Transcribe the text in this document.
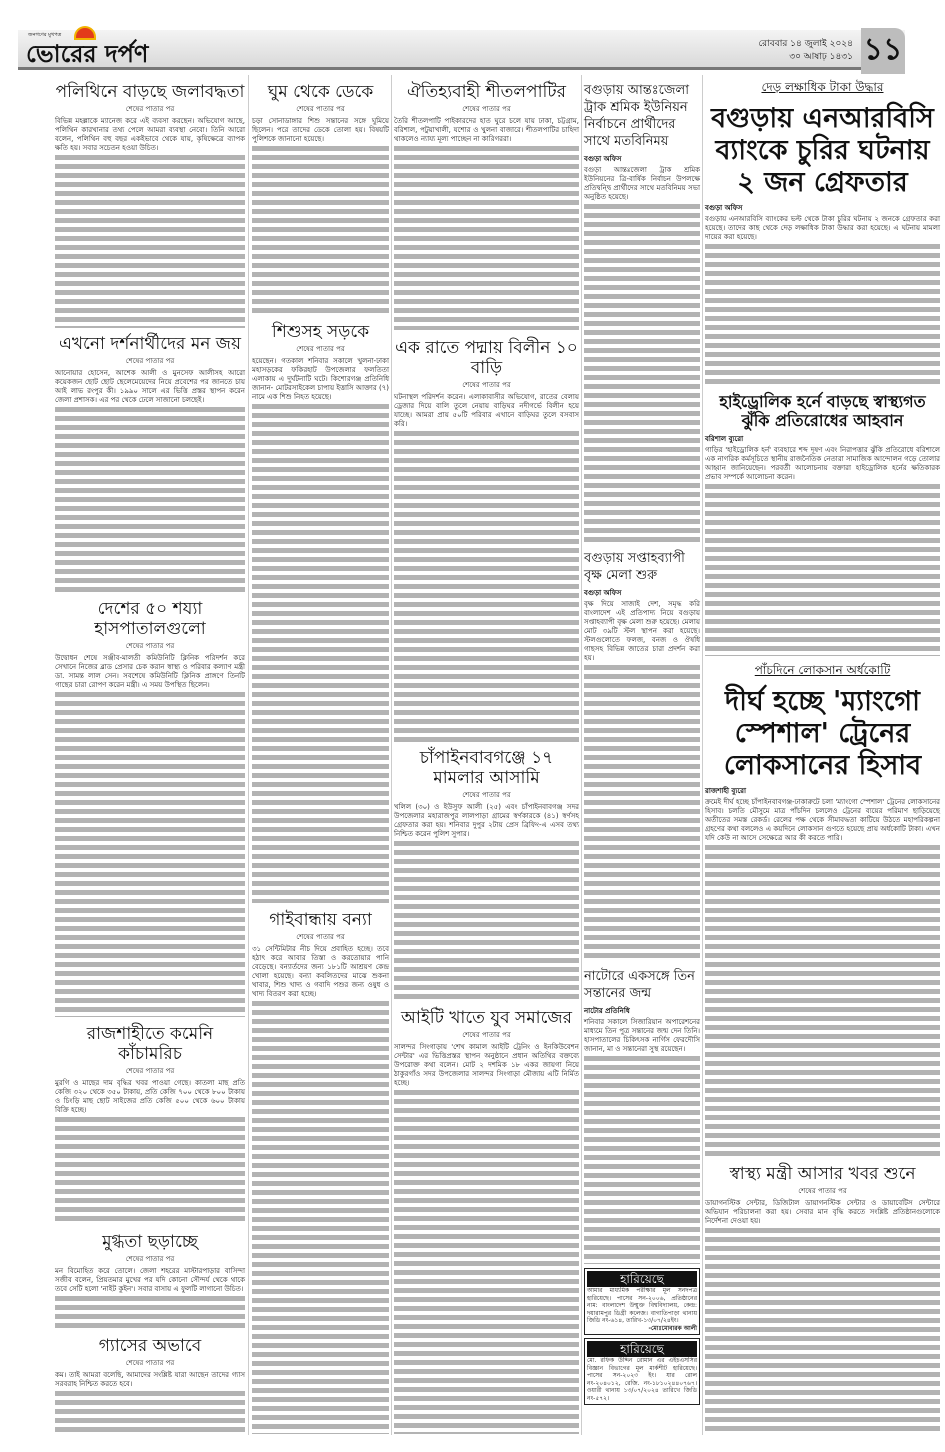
জনগণের মুখপত্র
ভোরের দর্পণ	রোববার ১৪ জুলাই ২০২৪
৩০ আষাঢ় ১৪৩১ ১১
পলিথিনে বাড়ছে জলাবদ্ধতা
শেষের পাতার পর
বিভিন্ন মহল্লাকে ম্যানেজ করে এই ব্যবসা করছেন। অভিযোগ আছে, পলিথিন কারখানার তথ্য পেলে আমরা ব্যবস্থা নেবো। তিনি আরো বলেন, পলিথিন বহু বছর একইভাবে থেকে যায়, কৃষিক্ষেত্রে ব্যাপক ক্ষতি হয়। সবার সচেতন হওয়া উচিত।
এখনো দর্শনার্থীদের মন জয়
শেষের পাতার পর
আনোয়ার হোসেন, আশেক আলী ও মুনসেফ আলীসহ আরো কয়েকজন ছোট ছোট ছেলেমেয়েদের নিয়ে প্রবেশের পর জানতে চায় আই লাভ রংপুর কী। ১৯৯০ সালে এর ভিত্তি প্রস্তর স্থাপন করেন জেলা প্রশাসক। এর পর থেকে ঢেলে সাজানো চলছেই।
দেশের ৫০ শয্যা হাসপাতালগুলো
শেষের পাতার পর
উদ্বোধন শেষে সঞ্জীব-মালতী কমিউনিটি ক্লিনিক পরিদর্শন করে সেখানে নিজের ব্লাড প্রেসার চেক করান স্বাস্থ্য ও পরিবার কল্যাণ মন্ত্রী ডা. সামন্ত লাল সেন। সবশেষে কমিউনিটি ক্লিনিক প্রাঙ্গণে তিনটি গাছের চারা রোপণ করেন মন্ত্রী। এ সময় উপস্থিত ছিলেন।
রাজশাহীতে কমেনি কাঁচামরিচ
শেষের পাতার পর
মুরগি ও মাছের দাম বৃদ্ধির খবর পাওয়া গেছে। কাতলা মাছ প্রতি কেজি ৩২০ থেকে ৩৫০ টাকায়, প্রতি কেজি ৭০০ থেকে ৮০০ টাকায় ও চিংড়ি মাছ ছোট সাইজের প্রতি কেজি ৫০০ থেকে ৬০০ টাকায় বিক্রি হচ্ছে।
মুগ্ধতা ছড়াচ্ছে
শেষের পাতার পর
মন বিমোহিত করে তোলে। জেলা শহরের মাস্টারপাড়ার বাসিন্দা সজীব বলেন, প্রিয়তমার মুখের পর যদি কোনো সৌন্দর্য থেকে থাকে তবে সেটি হলো 'নাইট কুইন'। সবার বাসায় এ ফুলটি লাগানো উচিত।
গ্যাসের অভাবে
শেষের পাতার পর
কম। তাই আমরা বলেছি, আমাদের সংশ্লিষ্ট যারা আছেন তাদের গ্যাস সরবরাহ নিশ্চিত করতে হবে।
ঘুম থেকে ডেকে
শেষের পাতার পর
চড়া সোনাডাঙ্গার শিশু সন্তানের সঙ্গে ঘুমিয়ে ছিলেন। পরে তাদের ডেকে তোলা হয়। বিষয়টি পুলিশকে জানানো হয়েছে।
শিশুসহ সড়কে
শেষের পাতার পর
হয়েছেন। গতকাল শনিবার সকালে খুলনা-ঢাকা মহাসড়কের ফকিরহাট উপজেলার ফলতিতা এলাকায় এ দুর্ঘটনাটি ঘটে। কিশোরগঞ্জ প্রতিনিধি জানান- মোটরসাইকেল চাপায় ইত্তাসি আক্তার (৭) নামে এক শিশু নিহত হয়েছে।
গাইবান্ধায় বন্যা
শেষের পাতার পর
৩১ সেন্টিমিটার নীচ দিয়ে প্রবাহিত হচ্ছে। তবে হঠাৎ করে আবার তিস্তা ও করতোয়ার পানি বেড়েছে। বন্যার্তদের জন্য ১৮১টি আশ্রয়ণ কেন্দ্র খোলা হয়েছে। বন্যা কবলিতদের মাঝে শুকনা খাবার, শিশু খাদ্য ও গবাদি পশুর জন্য ওষুধ ও খাদ্য বিতরণ করা হচ্ছে।
ঐতিহ্যবাহী শীতলপাটির
শেষের পাতার পর
তৈরি শীতলপাটি পাইকারদের হাত ঘুরে চলে যায় ঢাকা, চট্টগ্রাম, বরিশাল, পটুয়াখালী, যশোর ও খুলনা বাজারে। শীতলপাটির চাহিদা থাকলেও ন্যায্য মূল্য পাচ্ছেন না কারিগররা।
এক রাতে পদ্মায় বিলীন ১০ বাড়ি
শেষের পাতার পর
ঘটনাস্থল পরিদর্শন করেন। এলাকাবাসীর অভিযোগ, রাতের বেলায় ড্রেজার দিয়ে বালি তুলে নেয়ায় বাড়িঘর নদীগর্ভে বিলীন হয়ে যাচ্ছে। আমরা প্রায় ৫০টি পরিবার এখানে বাড়িঘর তুলে বসবাস করি।
চাঁপাইনবাবগঞ্জে ১৭ মামলার আসামি
শেষের পাতার পর
খলিল (৩০) ও ইউসুফ আলী (২৫) এবং চাঁপাইনবাবগঞ্জ সদর উপজেলার মহারাজপুর লালপাড়া গ্রামের স্বর্ণকারকে (৪১) স্বর্ণসহ গ্রেফতার করা হয়। শনিবার দুপুর ২টায় প্রেস ব্রিফিং-এ এসব তথ্য নিশ্চিত করেন পুলিশ সুপার।
আইটি খাতে যুব সমাজের
শেষের পাতার পর
সালন্দর সিংগাড়ায় 'শেখ কামাল আইটি ট্রেনিং ও ইনকিউবেশন সেন্টার' এর ভিত্তিপ্রস্তর স্থাপন অনুষ্ঠানে প্রধান অতিথির বক্তব্যে উপরোক্ত কথা বলেন। মোট ২ দশমিক ১৮ একর জায়গা নিয়ে ঠাকুরগাঁও সদর উপজেলার সালন্দর সিংগাড়া মৌজায় এটি নির্মিত হচ্ছে।
বগুড়ায় আন্তঃজেলা ট্রাক শ্রমিক ইউনিয়ন নির্বাচনে প্রার্থীদের সাথে মতবিনিময়
বগুড়া অফিস
বগুড়া আন্তঃজেলা ট্রাক শ্রমিক ইউনিয়নের ত্রি-বার্ষিক নির্বাচন উপলক্ষে প্রতিদ্বন্দ্বি প্রার্থীদের সাথে মতবিনিময় সভা অনুষ্ঠিত হয়েছে।
বগুড়ায় সপ্তাহব্যাপী বৃক্ষ মেলা শুরু
বগুড়া অফিস
বৃক্ষ দিয়ে সাজাই দেশ, সমৃদ্ধ করি বাংলাদেশ এই প্রতিপাদ্য নিয়ে বগুড়ায় সপ্তাহব্যাপী বৃক্ষ মেলা শুরু হয়েছে। মেলায় মোট ৩৯টি স্টল স্থাপন করা হয়েছে। স্টলগুলোতে ফলজ, বনজ ও ঔষধি গাছসহ বিভিন্ন জাতের চারা প্রদর্শন করা হয়।
নাটোরে একসঙ্গে তিন সন্তানের জন্ম
নাটোর প্রতিনিধি
শনিবার সকালে সিজারিয়ান অপারেশনের মাধ্যমে তিন পুত্র সন্তানের জন্ম দেন তিনি। হাসপাতালের চিকিৎসক নার্গিস ফেরদৌসি জানান, মা ও সন্তানেরা সুস্থ রয়েছেন।
দেড় লক্ষাধিক টাকা উদ্ধার
বগুড়ায় এনআরবিসি ব্যাংকে চুরির ঘটনায় ২ জন গ্রেফতার
বগুড়া অফিস
বগুড়ায় এনআরবিসি ব্যাংকের ভল্ট থেকে টাকা চুরির ঘটনায় ২ জনকে গ্রেফতার করা হয়েছে। তাদের কাছ থেকে দেড় লক্ষাধিক টাকা উদ্ধার করা হয়েছে। এ ঘটনায় মামলা দায়ের করা হয়েছে।
হাইড্রোলিক হর্নে বাড়ছে স্বাস্থ্যগত ঝুঁকি প্রতিরোধের আহবান
বরিশাল ব্যুরো
গাড়ির 'হাইড্রোলিক হর্ন' ব্যবহারে শব্দ দূষণ এবং নিরাপত্তার ঝুঁকি প্রতিরোধে বরিশালে এক নাগরিক কর্মসূচিতে স্থানীয় রাজনৈতিক নেতারা সামাজিক আন্দোলন গড়ে তোলার আহ্বান জানিয়েছেন। পরবর্তী আলোচনায় বক্তারা হাইড্রোলিক হর্নের ক্ষতিকারক প্রভাব সম্পর্কে আলোচনা করেন।
পাঁচদিনে লোকসান অর্ধকোটি
দীর্ঘ হচ্ছে 'ম্যাংগো স্পেশাল' ট্রেনের লোকসানের হিসাব
রাজশাহী ব্যুরো
ক্রমেই দীর্ঘ হচ্ছে চাঁপাইনবাবগঞ্জ-ঢাকারুটে চলা 'ম্যাংগো স্পেশাল' ট্রেনের লোকসানের হিসাব। চলতি মৌসুমে মাত্র পাঁচদিন চললেও ট্রেনের ব্যয়ের পরিমাণ ছাড়িয়েছে অতীতের সমস্ত রেকর্ড। রেলের পক্ষ থেকে সীমাবদ্ধতা কাটিয়ে উঠতে মহাপরিকল্পনা গ্রহণের কথা বললেও এ কয়দিনে লোকসান গুণতে হয়েছে প্রায় অর্ধকোটি টাকা। এখন যদি কেউ না আসে সেক্ষেত্রে আর কী করতে পারি।
স্বাস্থ্য মন্ত্রী আসার খবর শুনে
শেষের পাতার পর
ডায়াগনস্টিক সেন্টার, ডিজিটাল ডায়াগনস্টিক সেন্টার ও ডায়াবেটিস সেন্টারে অভিযান পরিচালনা করা হয়। সেবার মান বৃদ্ধি করতে সংশ্লিষ্ট প্রতিষ্ঠানগুলোকে নির্দেশনা দেওয়া হয়।
হারিয়েছে
আমার মাধ্যমিক পরীক্ষার মূল সনদপত্র হারিয়েছে। পাসের সন-২০০৬, প্রতিষ্ঠানের নাম: বাংলাদেশ উন্মুক্ত বিশ্ববিদ্যালয়, কেন্দ্র: দয়ারামপুর ডিগ্রী কলেজ। বাগাতিপাড়া থানায় জিডি নং-৬১৪, তারিখ-১৩/০৭/২৪ইং।
-মোঃমোবারক আলী
হারিয়েছে
মো. রফিক উদ্দিন রোমান এর এইচএসসির বিজ্ঞান বিভাগের মূল মার্কশীট হারিয়েছে। পাসের সন-২০২৩ ইং। যার রোল নং-২০৪০১২, রেজি. নং-১৮১০২৪৪০৭৬৭। ওয়ারী থানায় ১৩/০৭/২০২৪ তারিখে জিডি নং-৫৭২।
